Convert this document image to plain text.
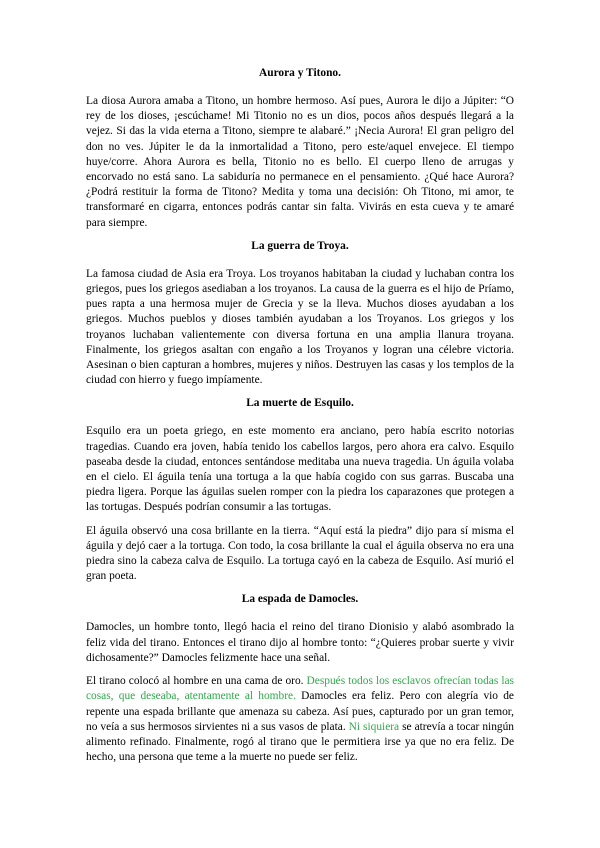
Aurora y Titono.

La diosa Aurora amaba a Titono, un hombre hermoso. Así pues, Aurora le dijo a Júpiter: “O rey de los dioses, ¡escúchame! Mi Titonio no es un dios, pocos años después llegará a la vejez. Si das la vida eterna a Titono, siempre te alabaré.” ¡Necia Aurora! El gran peligro del don no ves. Júpiter le da la inmortalidad a Titono, pero este/aquel envejece. El tiempo huye/corre. Ahora Aurora es bella, Titonio no es bello. El cuerpo lleno de arrugas y encorvado no está sano. La sabiduría no permanece en el pensamiento. ¿Qué hace Aurora? ¿Podrá restituir la forma de Titono? Medita y toma una decisión: Oh Titono, mi amor, te transformaré en cigarra, entonces podrás cantar sin falta. Vivirás en esta cueva y te amaré para siempre.

La guerra de Troya.

La famosa ciudad de Asia era Troya. Los troyanos habitaban la ciudad y luchaban contra los griegos, pues los griegos asediaban a los troyanos. La causa de la guerra es el hijo de Príamo, pues rapta a una hermosa mujer de Grecia y se la lleva. Muchos dioses ayudaban a los griegos. Muchos pueblos y dioses también ayudaban a los Troyanos. Los griegos y los troyanos luchaban valientemente con diversa fortuna en una amplia llanura troyana. Finalmente, los griegos asaltan con engaño a los Troyanos y logran una célebre victoria. Asesinan o bien capturan a hombres, mujeres y niños. Destruyen las casas y los templos de la ciudad con hierro y fuego impíamente.

La muerte de Esquilo.

Esquilo era un poeta griego, en este momento era anciano, pero había escrito notorias tragedias. Cuando era joven, había tenido los cabellos largos, pero ahora era calvo. Esquilo paseaba desde la ciudad, entonces sentándose meditaba una nueva tragedia. Un águila volaba en el cielo. El águila tenía una tortuga a la que había cogido con sus garras. Buscaba una piedra ligera. Porque las águilas suelen romper con la piedra los caparazones que protegen a las tortugas. Después podrían consumir a las tortugas.

El águila observó una cosa brillante en la tierra. “Aquí está la piedra” dijo para sí misma el águila y dejó caer a la tortuga. Con todo, la cosa brillante la cual el águila observa no era una piedra sino la cabeza calva de Esquilo. La tortuga cayó en la cabeza de Esquilo. Así murió el gran poeta.

La espada de Damocles.

Damocles, un hombre tonto, llegó hacia el reino del tirano Dionisio y alabó asombrado la feliz vida del tirano. Entonces el tirano dijo al hombre tonto: “¿Quieres probar suerte y vivir dichosamente?” Damocles felizmente hace una señal.

El tirano colocó al hombre en una cama de oro. Después todos los esclavos ofrecían todas las cosas, que deseaba, atentamente al hombre. Damocles era feliz. Pero con alegría vio de repente una espada brillante que amenaza su cabeza. Así pues, capturado por un gran temor, no veía a sus hermosos sirvientes ni a sus vasos de plata. Ni siquiera se atrevía a tocar ningún alimento refinado. Finalmente, rogó al tirano que le permitiera irse ya que no era feliz. De hecho, una persona que teme a la muerte no puede ser feliz.
